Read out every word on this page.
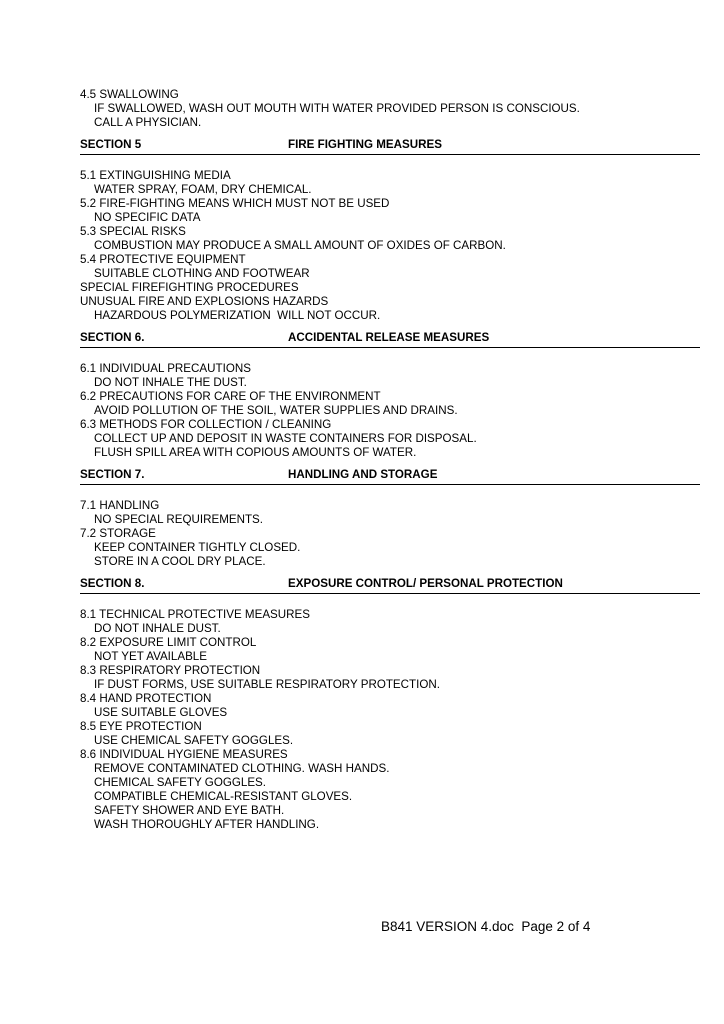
4.5 SWALLOWING
IF SWALLOWED, WASH OUT MOUTH WITH WATER PROVIDED PERSON IS CONSCIOUS.
CALL A PHYSICIAN.
SECTION 5	FIRE FIGHTING MEASURES
5.1 EXTINGUISHING MEDIA
WATER SPRAY, FOAM, DRY CHEMICAL.
5.2 FIRE-FIGHTING MEANS WHICH MUST NOT BE USED
NO SPECIFIC DATA
5.3 SPECIAL RISKS
COMBUSTION MAY PRODUCE A SMALL AMOUNT OF OXIDES OF CARBON.
5.4 PROTECTIVE EQUIPMENT
SUITABLE CLOTHING AND FOOTWEAR
SPECIAL FIREFIGHTING PROCEDURES
UNUSUAL FIRE AND EXPLOSIONS HAZARDS
HAZARDOUS POLYMERIZATION  WILL NOT OCCUR.
SECTION 6.	ACCIDENTAL RELEASE MEASURES
6.1 INDIVIDUAL PRECAUTIONS
DO NOT INHALE THE DUST.
6.2 PRECAUTIONS FOR CARE OF THE ENVIRONMENT
AVOID POLLUTION OF THE SOIL, WATER SUPPLIES AND DRAINS.
6.3 METHODS FOR COLLECTION / CLEANING
COLLECT UP AND DEPOSIT IN WASTE CONTAINERS FOR DISPOSAL.
FLUSH SPILL AREA WITH COPIOUS AMOUNTS OF WATER.
SECTION 7.	HANDLING AND STORAGE
7.1 HANDLING
NO SPECIAL REQUIREMENTS.
7.2 STORAGE
KEEP CONTAINER TIGHTLY CLOSED.
STORE IN A COOL DRY PLACE.
SECTION 8.	EXPOSURE CONTROL/ PERSONAL PROTECTION
8.1 TECHNICAL PROTECTIVE MEASURES
DO NOT INHALE DUST.
8.2 EXPOSURE LIMIT CONTROL
NOT YET AVAILABLE
8.3 RESPIRATORY PROTECTION
IF DUST FORMS, USE SUITABLE RESPIRATORY PROTECTION.
8.4 HAND PROTECTION
USE SUITABLE GLOVES
8.5 EYE PROTECTION
USE CHEMICAL SAFETY GOGGLES.
8.6 INDIVIDUAL HYGIENE MEASURES
REMOVE CONTAMINATED CLOTHING. WASH HANDS.
CHEMICAL SAFETY GOGGLES.
COMPATIBLE CHEMICAL-RESISTANT GLOVES.
SAFETY SHOWER AND EYE BATH.
WASH THOROUGHLY AFTER HANDLING.
B841 VERSION 4.doc  Page 2 of 4
